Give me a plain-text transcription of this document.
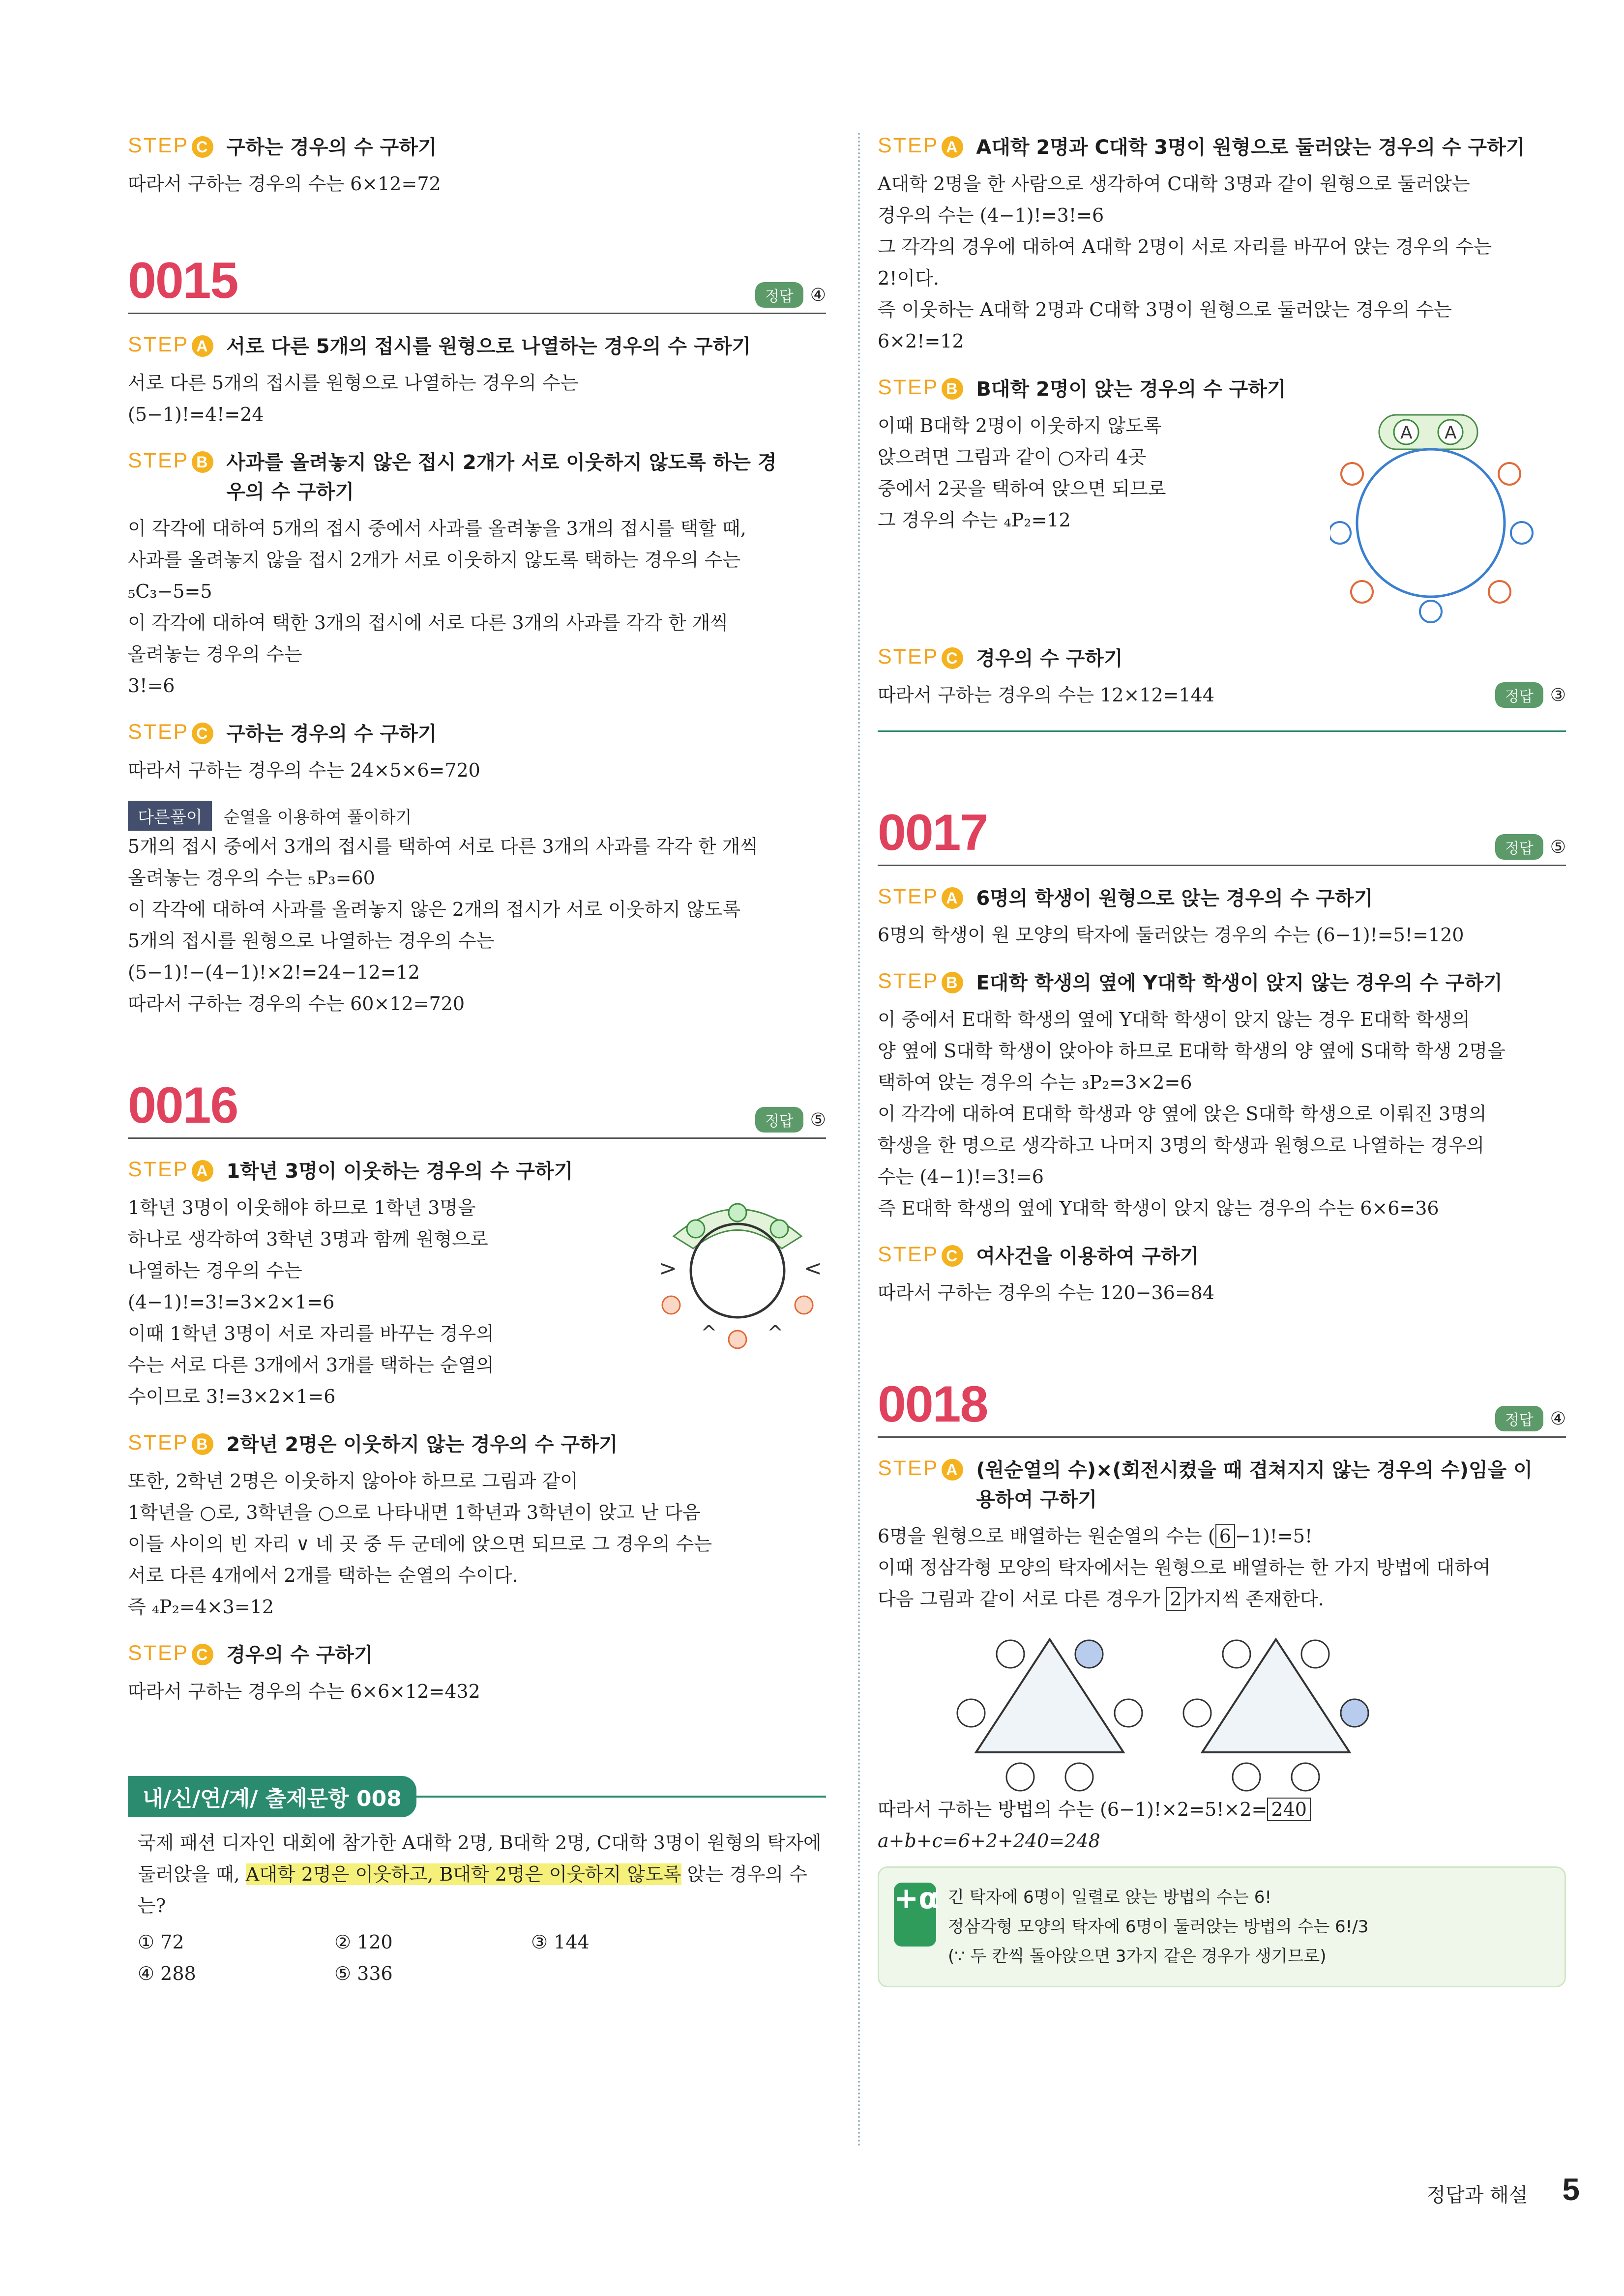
STEP C 구하는 경우의 수 구하기

따라서 구하는 경우의 수는 6×12=72

0015	정답 ④
STEP A 서로 다른 5개의 접시를 원형으로 나열하는 경우의 수 구하기

서로 다른 5개의 접시를 원형으로 나열하는 경우의 수는

(5−1)!=4!=24

STEP B 사과를 올려놓지 않은 접시 2개가 서로 이웃하지 않도록 하는 경우의 수 구하기

이 각각에 대하여 5개의 접시 중에서 사과를 올려놓을 3개의 접시를 택할 때,

사과를 올려놓지 않을 접시 2개가 서로 이웃하지 않도록 택하는 경우의 수는

₅C₃−5=5

이 각각에 대하여 택한 3개의 접시에 서로 다른 3개의 사과를 각각 한 개씩

올려놓는 경우의 수는

3!=6

STEP C 구하는 경우의 수 구하기

따라서 구하는 경우의 수는 24×5×6=720

다른풀이 순열을 이용하여 풀이하기

5개의 접시 중에서 3개의 접시를 택하여 서로 다른 3개의 사과를 각각 한 개씩

올려놓는 경우의 수는 ₅P₃=60

이 각각에 대하여 사과를 올려놓지 않은 2개의 접시가 서로 이웃하지 않도록

5개의 접시를 원형으로 나열하는 경우의 수는

(5−1)!−(4−1)!×2!=24−12=12

따라서 구하는 경우의 수는 60×12=720

0016	정답 ⑤
STEP A 1학년 3명이 이웃하는 경우의 수 구하기

1학년 3명이 이웃해야 하므로 1학년 3명을

하나로 생각하여 3학년 3명과 함께 원형으로

나열하는 경우의 수는

(4−1)!=3!=3×2×1=6

이때 1학년 3명이 서로 자리를 바꾸는 경우의

수는 서로 다른 3개에서 3개를 택하는 순열의

수이므로 3!=3×2×1=6

>	<
^	^
STEP B 2학년 2명은 이웃하지 않는 경우의 수 구하기

또한, 2학년 2명은 이웃하지 않아야 하므로 그림과 같이

1학년을 ○로, 3학년을 ○으로 나타내면 1학년과 3학년이 앉고 난 다음

이들 사이의 빈 자리 ∨ 네 곳 중 두 군데에 앉으면 되므로 그 경우의 수는

서로 다른 4개에서 2개를 택하는 순열의 수이다.

즉 ₄P₂=4×3=12

STEP C 경우의 수 구하기

따라서 구하는 경우의 수는 6×6×12=432

내/신/연/계/ 출제문항 008

국제 패션 디자인 대회에 참가한 A대학 2명, B대학 2명, C대학 3명이 원형의 탁자에 둘러앉을 때, A대학 2명은 이웃하고, B대학 2명은 이웃하지 않도록 앉는 경우의 수는?

① 72	② 120	③ 144
④ 288	⑤ 336
STEP A A대학 2명과 C대학 3명이 원형으로 둘러앉는 경우의 수 구하기

A대학 2명을 한 사람으로 생각하여 C대학 3명과 같이 원형으로 둘러앉는

경우의 수는 (4−1)!=3!=6

그 각각의 경우에 대하여 A대학 2명이 서로 자리를 바꾸어 앉는 경우의 수는

2!이다.

즉 이웃하는 A대학 2명과 C대학 3명이 원형으로 둘러앉는 경우의 수는

6×2!=12

STEP B B대학 2명이 앉는 경우의 수 구하기

이때 B대학 2명이 이웃하지 않도록

앉으려면 그림과 같이 ○자리 4곳

중에서 2곳을 택하여 앉으면 되므로

그 경우의 수는 ₄P₂=12

A A
STEP C 경우의 수 구하기

따라서 구하는 경우의 수는 12×12=144	정답 ③
0017	정답 ⑤
STEP A 6명의 학생이 원형으로 앉는 경우의 수 구하기

6명의 학생이 원 모양의 탁자에 둘러앉는 경우의 수는 (6−1)!=5!=120

STEP B E대학 학생의 옆에 Y대학 학생이 앉지 않는 경우의 수 구하기

이 중에서 E대학 학생의 옆에 Y대학 학생이 앉지 않는 경우 E대학 학생의

양 옆에 S대학 학생이 앉아야 하므로 E대학 학생의 양 옆에 S대학 학생 2명을

택하여 앉는 경우의 수는 ₃P₂=3×2=6

이 각각에 대하여 E대학 학생과 양 옆에 앉은 S대학 학생으로 이뤄진 3명의

학생을 한 명으로 생각하고 나머지 3명의 학생과 원형으로 나열하는 경우의

수는 (4−1)!=3!=6

즉 E대학 학생의 옆에 Y대학 학생이 앉지 않는 경우의 수는 6×6=36

STEP C 여사건을 이용하여 구하기

따라서 구하는 경우의 수는 120−36=84

0018	정답 ④
STEP A (원순열의 수)×(회전시켰을 때 겹쳐지지 않는 경우의 수)임을 이용하여 구하기

6명을 원형으로 배열하는 원순열의 수는 ( 6 −1)!=5!

이때 정삼각형 모양의 탁자에서는 원형으로 배열하는 한 가지 방법에 대하여

다음 그림과 같이 서로 다른 경우가 2 가지씩 존재한다.

따라서 구하는 방법의 수는 (6−1)!×2=5!×2= 240

a+b+c=6+2+240=248

+α 긴 탁자에 6명이 일렬로 앉는 방법의 수는 6!

정삼각형 모양의 탁자에 6명이 둘러앉는 방법의 수는 6!/3

(∵ 두 칸씩 돌아앉으면 3가지 같은 경우가 생기므로)

정답과 해설 5
